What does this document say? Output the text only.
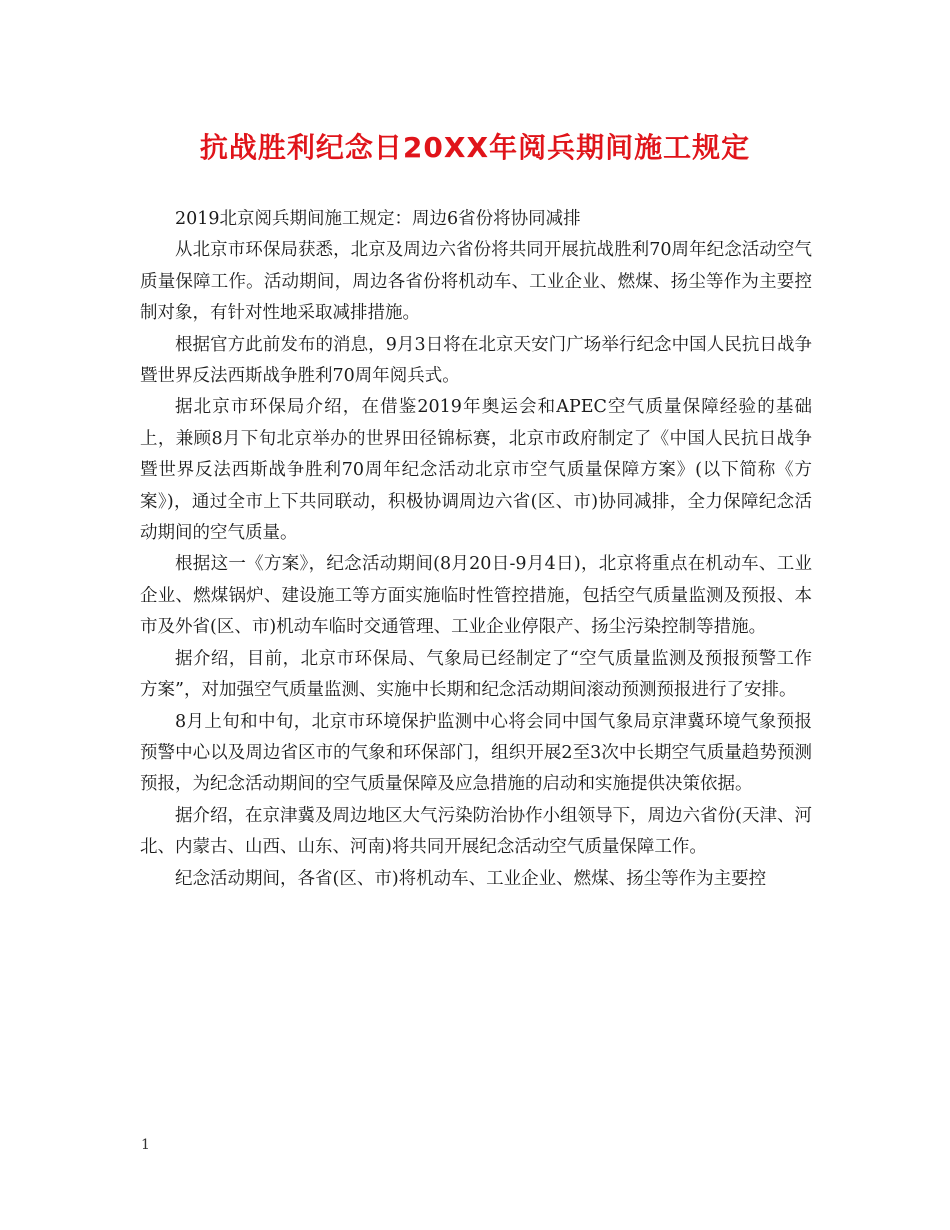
抗战胜利纪念日20XX年阅兵期间施工规定

2019北京阅兵期间施工规定：周边6省份将协同减排

从北京市环保局获悉，北京及周边六省份将共同开展抗战胜利70周年纪念活动空气质量保障工作。活动期间，周边各省份将机动车、工业企业、燃煤、扬尘等作为主要控制对象，有针对性地采取减排措施。

根据官方此前发布的消息，9月3日将在北京天安门广场举行纪念中国人民抗日战争暨世界反法西斯战争胜利70周年阅兵式。

据北京市环保局介绍，在借鉴2019年奥运会和APEC空气质量保障经验的基础上，兼顾8月下旬北京举办的世界田径锦标赛，北京市政府制定了《中国人民抗日战争暨世界反法西斯战争胜利70周年纪念活动北京市空气质量保障方案》(以下简称《方案》)，通过全市上下共同联动，积极协调周边六省(区、市)协同减排，全力保障纪念活动期间的空气质量。

根据这一《方案》，纪念活动期间(8月20日-9月4日)，北京将重点在机动车、工业企业、燃煤锅炉、建设施工等方面实施临时性管控措施，包括空气质量监测及预报、本市及外省(区、市)机动车临时交通管理、工业企业停限产、扬尘污染控制等措施。

据介绍，目前，北京市环保局、气象局已经制定了“空气质量监测及预报预警工作方案”，对加强空气质量监测、实施中长期和纪念活动期间滚动预测预报进行了安排。

8月上旬和中旬，北京市环境保护监测中心将会同中国气象局京津冀环境气象预报预警中心以及周边省区市的气象和环保部门，组织开展2至3次中长期空气质量趋势预测预报，为纪念活动期间的空气质量保障及应急措施的启动和实施提供决策依据。

据介绍，在京津冀及周边地区大气污染防治协作小组领导下，周边六省份(天津、河北、内蒙古、山西、山东、河南)将共同开展纪念活动空气质量保障工作。

纪念活动期间，各省(区、市)将机动车、工业企业、燃煤、扬尘等作为主要控

1
